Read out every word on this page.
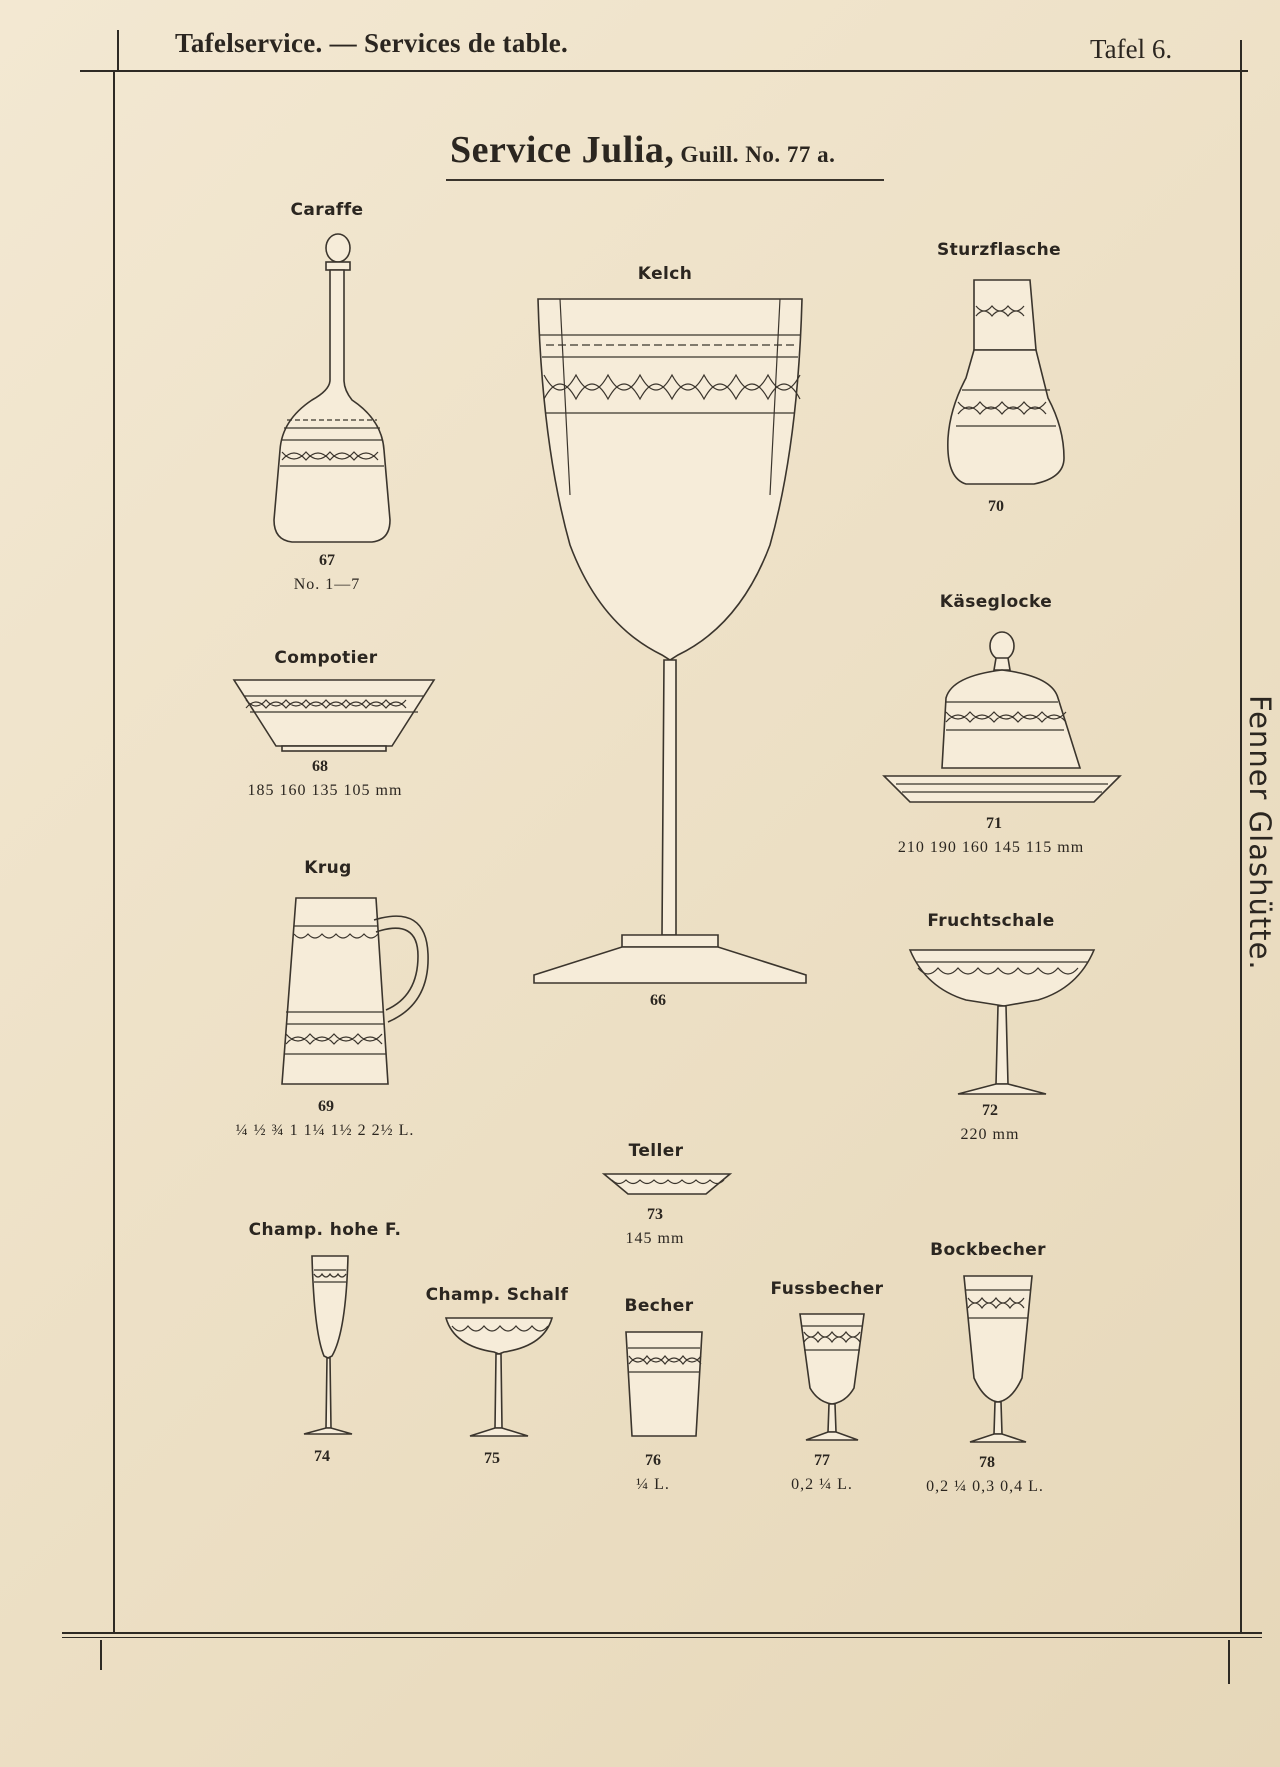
Tafelservice. — Services de table.	Tafel 6.
Service Julia, Guill. No. 77 a.
Fenner Glashütte.
Caraffe
67
No. 1—7
Kelch
66
Sturzflasche
70
Compotier
68
185 160 135 105 mm
Käseglocke
71
210 190 160 145 115 mm
Krug
69
¼ ½ ¾ 1 1¼ 1½ 2 2½ L.
Fruchtschale
72
220 mm
Teller
73
145 mm
Champ. hohe F.
74
Champ. Schalf
75
Becher
76
¼ L.
Fussbecher
77
0,2 ¼ L.
Bockbecher
78
0,2 ¼ 0,3 0,4 L.
